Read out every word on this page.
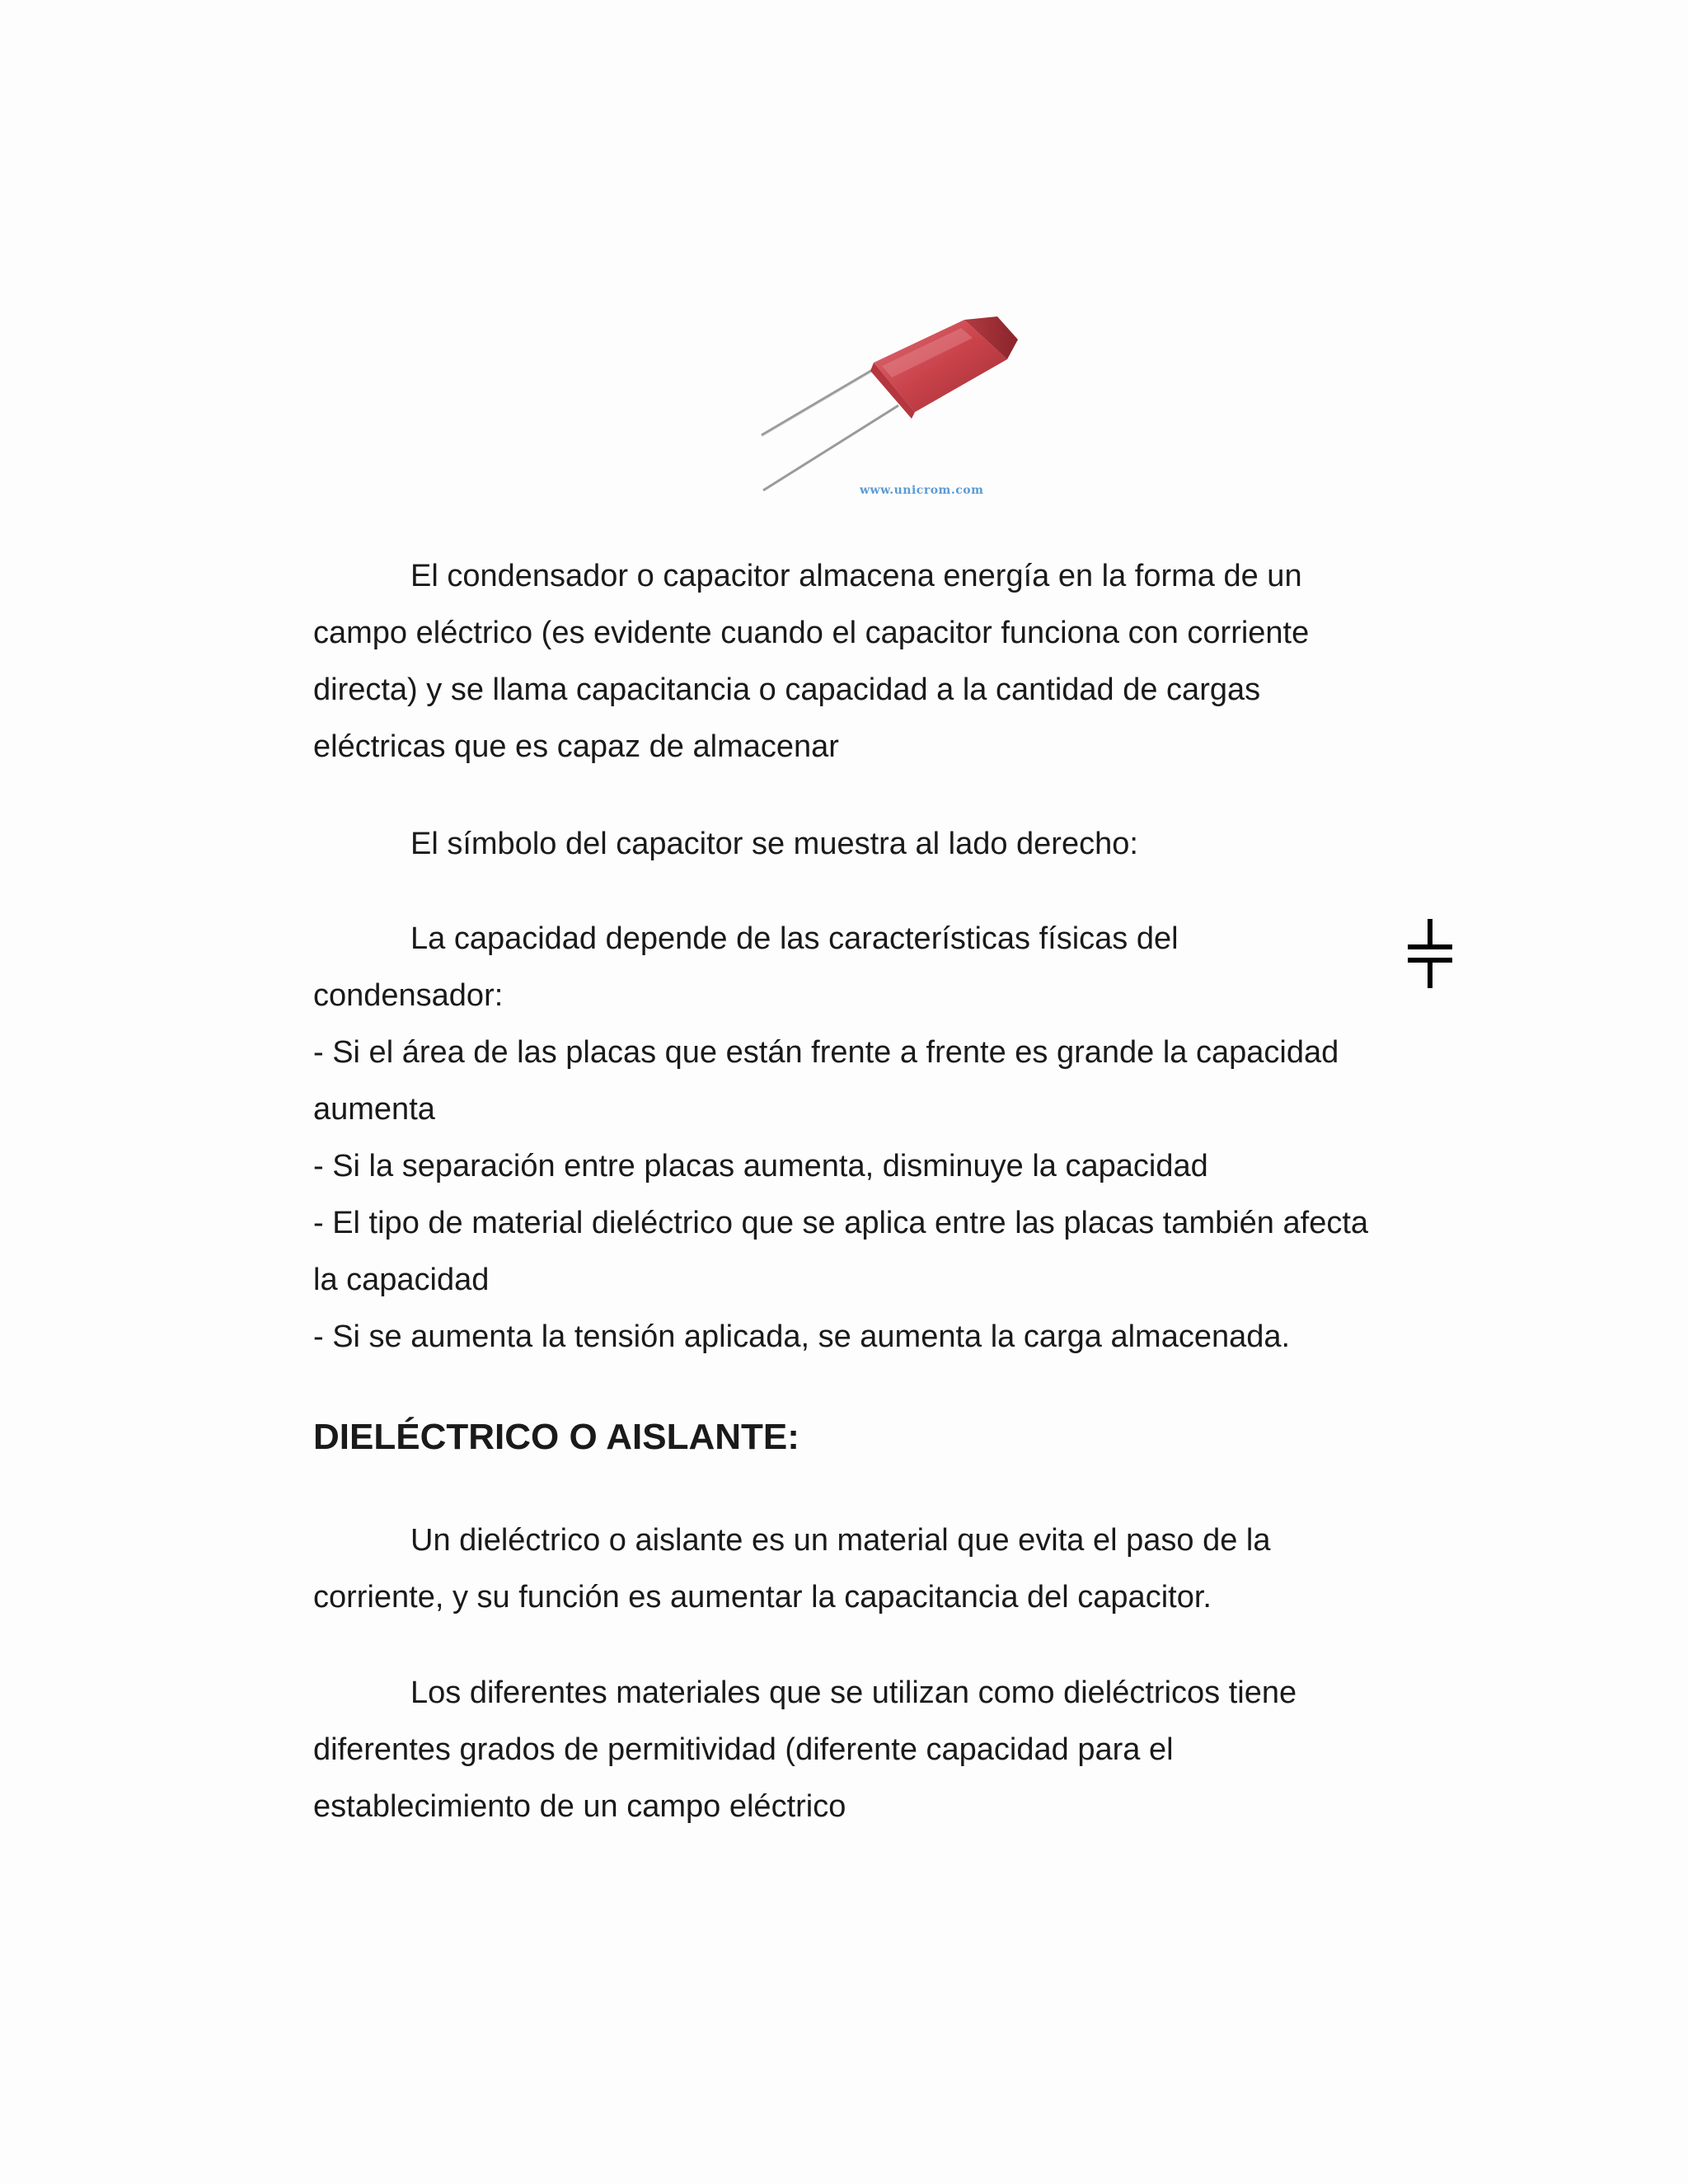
www.unicrom.com

El condensador o capacitor almacena energía en la forma de un

campo eléctrico (es evidente cuando el capacitor funciona con corriente

directa) y se llama capacitancia o capacidad a la cantidad de cargas

eléctricas que es capaz de almacenar

El símbolo del capacitor se muestra al lado derecho:

La capacidad depende de las características físicas del

condensador:

- Si el área de las placas que están frente a frente es grande la capacidad

aumenta

- Si la separación entre placas aumenta, disminuye la capacidad

- El tipo de material dieléctrico que se aplica entre las placas también afecta

la capacidad

- Si se aumenta la tensión aplicada, se aumenta la carga almacenada.

DIELÉCTRICO O AISLANTE:

Un dieléctrico o aislante es un material que evita el paso de la

corriente, y su función es aumentar la capacitancia del capacitor.

Los diferentes materiales que se utilizan como dieléctricos tiene

diferentes grados de permitividad (diferente capacidad para el

establecimiento de un campo eléctrico
